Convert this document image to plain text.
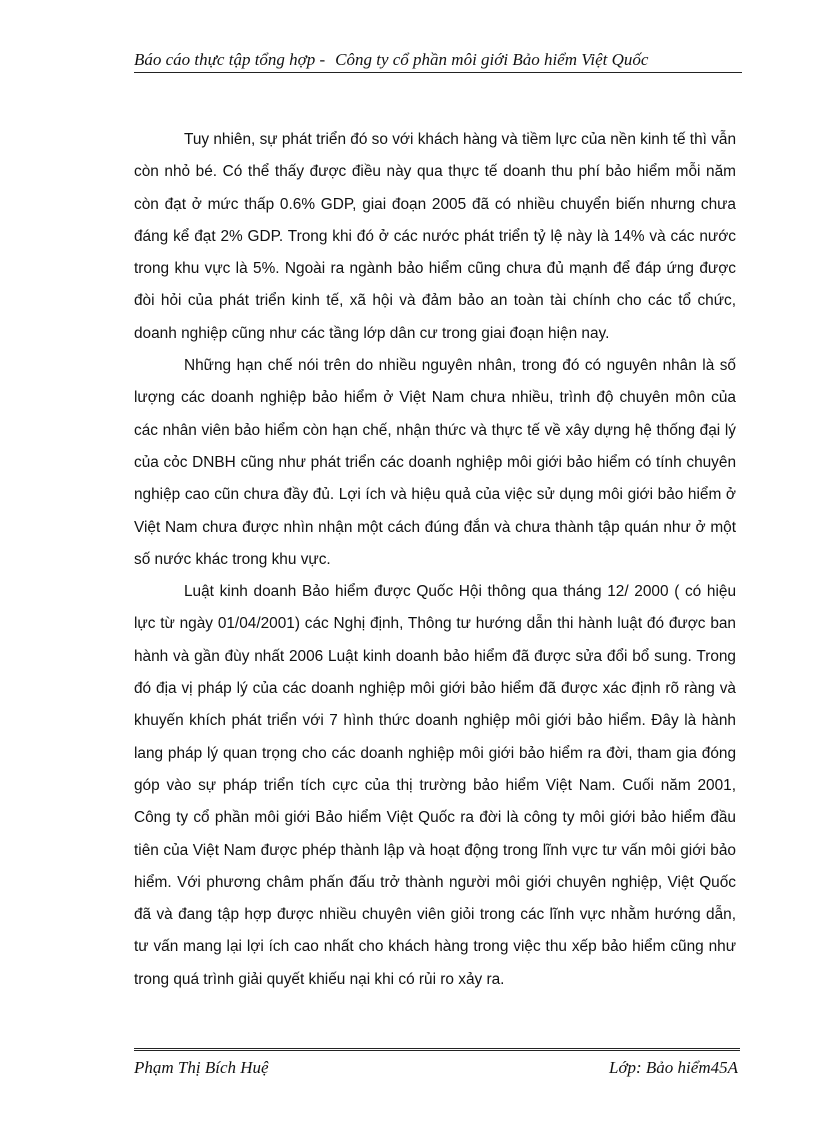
Báo cáo thực tập tổng hợp - Công ty cổ phần môi giới Bảo hiểm Việt Quốc

Tuy nhiên, sự phát triển đó so với khách hàng và tiềm lực của nền kinh tế thì vẫn còn nhỏ bé. Có thể thấy được điều này qua thực tế doanh thu phí bảo hiểm mỗi năm còn đạt ở mức thấp 0.6% GDP, giai đoạn 2005 đã có nhiều chuyển biến nhưng chưa đáng kể đạt 2% GDP. Trong khi đó ở các nước phát triển tỷ lệ này là 14% và các nước trong khu vực là 5%. Ngoài ra ngành bảo hiểm cũng chưa đủ mạnh để đáp ứng được đòi hỏi của phát triển kinh tế, xã hội và đảm bảo an toàn tài chính cho các tổ chức, doanh nghiệp cũng như các tầng lớp dân cư trong giai đoạn hiện nay.

Những hạn chế nói trên do nhiều nguyên nhân, trong đó có nguyên nhân là số lượng các doanh nghiệp bảo hiểm ở Việt Nam chưa nhiều, trình độ chuyên môn của các nhân viên bảo hiểm còn hạn chế, nhận thức và thực tế về xây dựng hệ thống đại lý của cỏc DNBH cũng như phát triển các doanh nghiệp môi giới bảo hiểm có tính chuyên nghiệp cao cũn chưa đầy đủ. Lợi ích và hiệu quả của việc sử dụng môi giới bảo hiểm ở Việt Nam chưa được nhìn nhận một cách đúng đắn và chưa thành tập quán như ở một số nước khác trong khu vực.

Luật kinh doanh Bảo hiểm được Quốc Hội thông qua tháng 12/ 2000 ( có hiệu lực từ ngày 01/04/2001) các Nghị định, Thông tư hướng dẫn thi hành luật đó được ban hành và gần đùy nhất 2006 Luật kinh doanh bảo hiểm đã được sửa đổi bổ sung. Trong đó địa vị pháp lý của các doanh nghiệp môi giới bảo hiểm đã được xác định rõ ràng và khuyến khích phát triển với 7 hình thức doanh nghiệp môi giới bảo hiểm. Đây là hành lang pháp lý quan trọng cho các doanh nghiệp môi giới bảo hiểm ra đời, tham gia đóng góp vào sự pháp triển tích cực của thị trường bảo hiểm Việt Nam. Cuối năm 2001, Công ty cổ phần môi giới Bảo hiểm Việt Quốc ra đời là công ty môi giới bảo hiểm đầu tiên của Việt Nam được phép thành lập và hoạt động trong lĩnh vực tư vấn môi giới bảo hiểm. Với phương châm phấn đấu trở thành người môi giới chuyên nghiệp, Việt Quốc đã và đang tập hợp được nhiều chuyên viên giỏi trong các lĩnh vực nhằm hướng dẫn, tư vấn mang lại lợi ích cao nhất cho khách hàng trong việc thu xếp bảo hiểm cũng như trong quá trình giải quyết khiếu nại khi có rủi ro xảy ra.

Phạm Thị Bích Huệ	Lớp: Bảo hiểm45A
